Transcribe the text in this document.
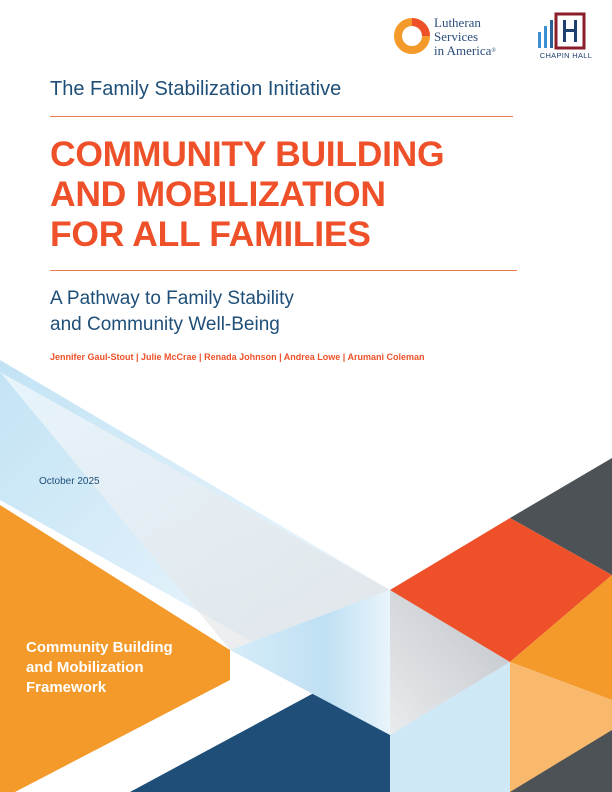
Lutheran
Services
in America®	CHAPIN HALL
The Family Stabilization Initiative
COMMUNITY BUILDING
AND MOBILIZATION
FOR ALL FAMILIES
A Pathway to Family Stability
and Community Well-Being
Jennifer Gaul-Stout | Julie McCrae | Renada Johnson | Andrea Lowe | Arumani Coleman
October 2025
Community Building
and Mobilization
Framework
